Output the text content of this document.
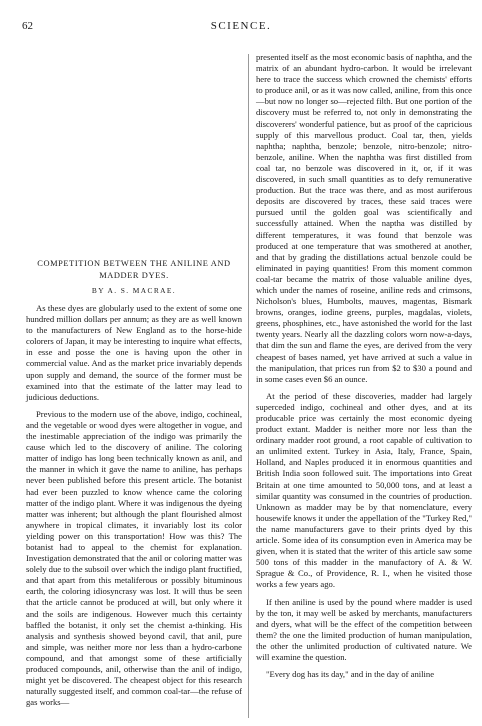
62	SCIENCE.
COMPETITION BETWEEN THE ANILINE AND MADDER DYES.
BY A. S. MACRAE.

As these dyes are globularly used to the extent of some one hundred million dollars per annum; as they are as well known to the manufacturers of New England as to the horse-hide colorers of Japan, it may be interesting to inquire what effects, in esse and posse the one is having upon the other in commercial value. And as the market price invariably depends upon supply and demand, the source of the former must be examined into that the estimate of the latter may lead to judicious deductions.

Previous to the modern use of the above, indigo, cochineal, and the vegetable or wood dyes were altogether in vogue, and the inestimable appreciation of the indigo was primarily the cause which led to the discovery of aniline. The coloring matter of indigo has long been technically known as anil, and the manner in which it gave the name to aniline, has perhaps never been published before this present article. The botanist had ever been puzzled to know whence came the coloring matter of the indigo plant. Where it was indigenous the dyeing matter was inherent; but although the plant flourished almost anywhere in tropical climates, it invariably lost its color yielding power on this transportation! How was this? The botanist had to appeal to the chemist for explanation. Investigation demonstrated that the anil or coloring matter was solely due to the subsoil over which the indigo plant fructified, and that apart from this metaliferous or possibly bituminous earth, the coloring idiosyncrasy was lost. It will thus be seen that the article cannot be produced at will, but only where it and the soils are indigenous. However much this certainty baffled the botanist, it only set the chemist a-thinking. His analysis and synthesis showed beyond cavil, that anil, pure and simple, was neither more nor less than a hydro-carbone compound, and that amongst some of these artificially produced compounds, anil, otherwise than the anil of indigo, might yet be discovered. The cheapest object for this research naturally suggested itself, and common coal-tar—the refuse of gas works—

presented itself as the most economic basis of naphtha, and the matrix of an abundant hydro-carbon. It would be irrelevant here to trace the success which crowned the chemists' efforts to produce anil, or as it was now called, aniline, from this once—but now no longer so—rejected filth. But one portion of the discovery must be referred to, not only in demonstrating the discoverers' wonderful patience, but as proof of the capricious supply of this marvellous product. Coal tar, then, yields naphtha; naphtha, benzole; benzole, nitro-benzole; nitro-benzole, aniline. When the naphtha was first distilled from coal tar, no benzole was discovered in it, or, if it was discovered, in such small quantities as to defy remunerative production. But the trace was there, and as most auriferous deposits are discovered by traces, these said traces were pursued until the golden goal was scientifically and successfully attained. When the naptha was distilled by different temperatures, it was found that benzole was produced at one temperature that was smothered at another, and that by grading the distillations actual benzole could be eliminated in paying quantities! From this moment common coal-tar became the matrix of those valuable aniline dyes, which under the names of roseine, aniline reds and crimsons, Nicholson's blues, Humbolts, mauves, magentas, Bismark browns, oranges, iodine greens, purples, magdalas, violets, greens, phosphines, etc., have astonished the world for the last twenty years. Nearly all the dazzling colors worn now-a-days, that dim the sun and flame the eyes, are derived from the very cheapest of bases named, yet have arrived at such a value in the manipulation, that prices run from $2 to $30 a pound and in some cases even $6 an ounce.

At the period of these discoveries, madder had largely superceded indigo, cochineal and other dyes, and at its producable price was certainly the most economic dyeing product extant. Madder is neither more nor less than the ordinary madder root ground, a root capable of cultivation to an unlimited extent. Turkey in Asia, Italy, France, Spain, Holland, and Naples produced it in enormous quantities and British India soon followed suit. The importations into Great Britain at one time amounted to 50,000 tons, and at least a similar quantity was consumed in the countries of production. Unknown as madder may be by that nomenclature, every housewife knows it under the appellation of the "Turkey Red," the name manufacturers gave to their prints dyed by this article. Some idea of its consumption even in America may be given, when it is stated that the writer of this article saw some 500 tons of this madder in the manufactory of A. & W. Sprague & Co., of Providence, R. I., when he visited those works a few years ago.

If then aniline is used by the pound where madder is used by the ton, it may well be asked by merchants, manufacturers and dyers, what will be the effect of the competition between them? the one the limited production of human manipulation, the other the unlimited production of cultivated nature. We will examine the question.

"Every dog has its day," and in the day of aniline
